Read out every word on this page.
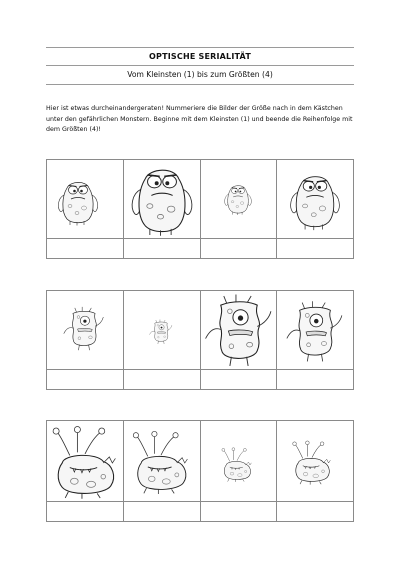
OPTISCHE SERIALITÄT
Vom Kleinsten (1) bis zum Größten (4)
Hier ist etwas durcheinandergeraten! Nummeriere die Bilder der Größe nach in dem Kästchen unter den gefährlichen Monstern. Beginne mit dem Kleinsten (1) und beende die Reihenfolge mit dem Größten (4)!
